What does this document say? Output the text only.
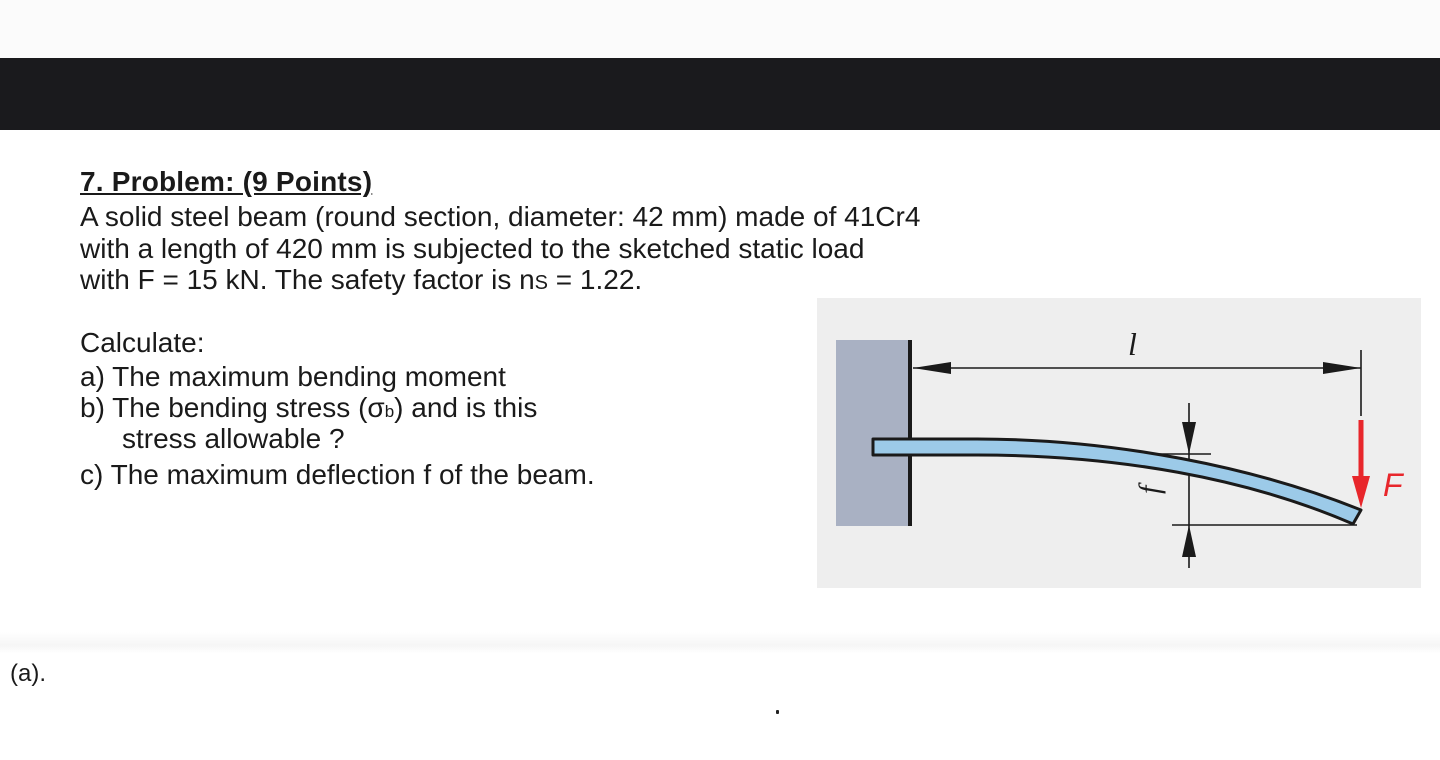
7. Problem: (9 Points)
A solid steel beam (round section, diameter: 42 mm) made of 41Cr4
with a length of 420 mm is subjected to the sketched static load
with F = 15 kN. The safety factor is nS = 1.22.
Calculate:
a) The maximum bending moment
b) The bending stress (σb) and is this
stress allowable ?
c) The maximum deflection f of the beam.
l
f	F
(a).
